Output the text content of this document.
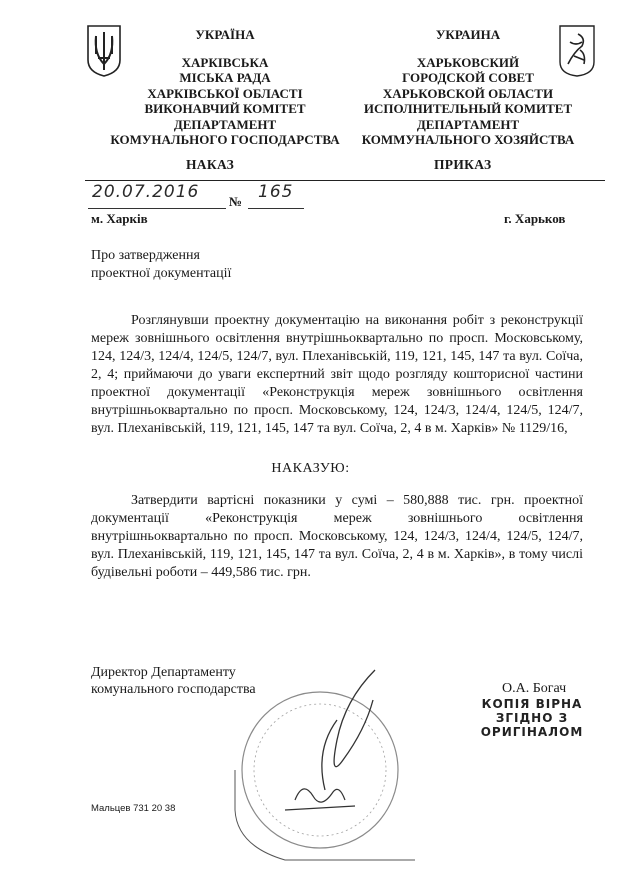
УКРАЇНА
ХАРКІВСЬКА
МІСЬКА РАДА
ХАРКІВСЬКОЇ ОБЛАСТІ
ВИКОНАВЧИЙ КОМІТЕТ
ДЕПАРТАМЕНТ
КОМУНАЛЬНОГО ГОСПОДАРСТВА
УКРАИНА
ХАРЬКОВСКИЙ
ГОРОДСКОЙ СОВЕТ
ХАРЬКОВСКОЙ ОБЛАСТИ
ИСПОЛНИТЕЛЬНЫЙ КОМИТЕТ
ДЕПАРТАМЕНТ
КОММУНАЛЬНОГО ХОЗЯЙСТВА
НАКАЗ	ПРИКАЗ
20.07.2016 № 165
м. Харків	г. Харьков
Про затвердження
проектної документації
Розглянувши проектну документацію на виконання робіт з реконструкції мереж зовнішнього освітлення внутрішньоквартально по просп. Московському, 124, 124/3, 124/4, 124/5, 124/7, вул. Плеханівській, 119, 121, 145, 147 та вул. Соїча, 2, 4; приймаючи до уваги експертний звіт щодо розгляду кошторисної частини проектної документації «Реконструкція мереж зовнішнього освітлення внутрішньоквартально по просп. Московському, 124, 124/3, 124/4, 124/5, 124/7, вул. Плеханівській, 119, 121, 145, 147 та вул. Соїча, 2, 4 в м. Харків» № 1129/16,
НАКАЗУЮ:
Затвердити вартісні показники у сумі – 580,888 тис. грн. проектної документації «Реконструкція мереж зовнішнього освітлення внутрішньоквартально по просп. Московському, 124, 124/3, 124/4, 124/5, 124/7, вул. Плеханівській, 119, 121, 145, 147 та вул. Соїча, 2, 4 в м. Харків», в тому числі будівельні роботи – 449,586 тис. грн.
Директор Департаменту
комунального господарства	О.А. Богач
КОПІЯ ВІРНА
ЗГІДНО З
ОРИГІНАЛОМ
Мальцев 731 20 38
